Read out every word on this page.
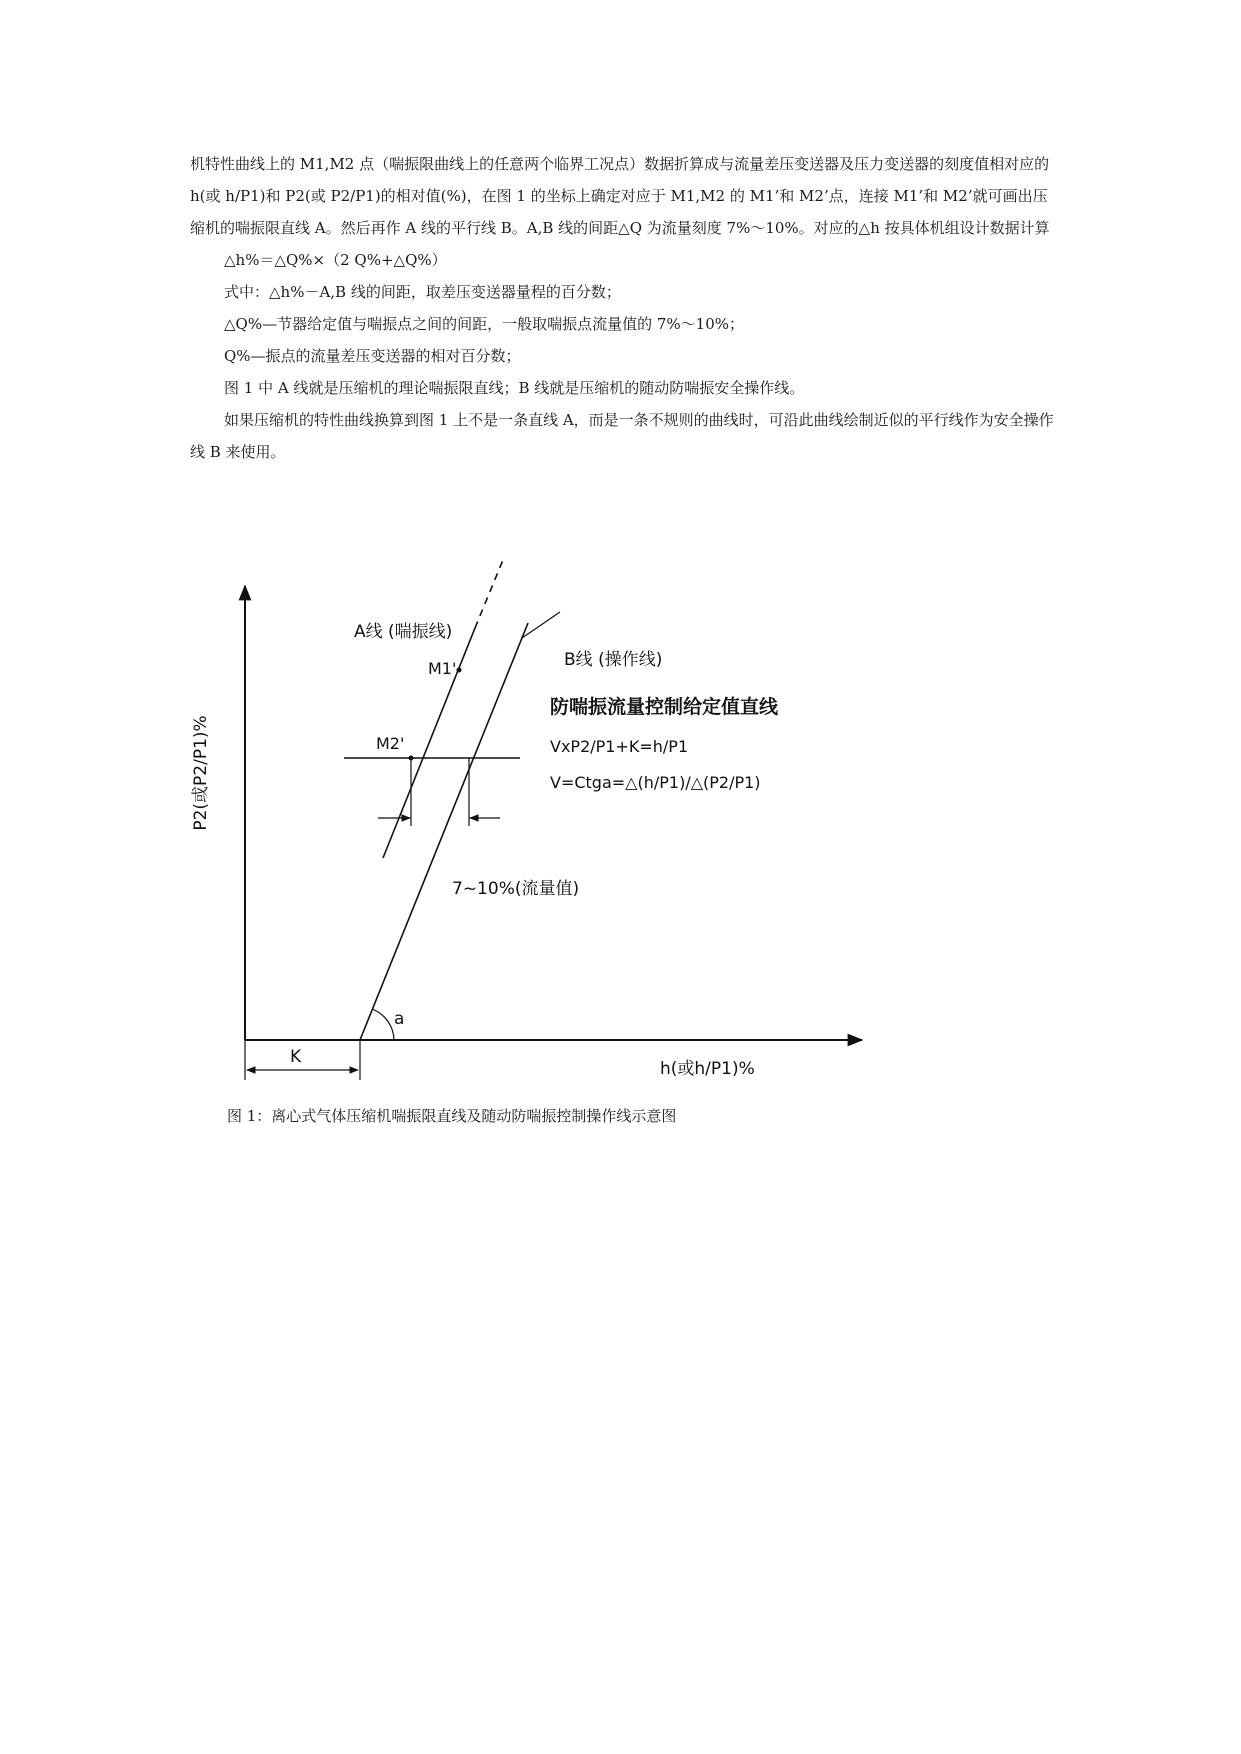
机特性曲线上的 M1,M2 点（喘振限曲线上的任意两个临界工况点）数据折算成与流量差压变送器及压力变送器的刻度值相对应的 h(或 h/P1)和 P2(或 P2/P1)的相对值(%)，在图 1 的坐标上确定对应于 M1,M2 的 M1’和 M2’点，连接 M1’和 M2’就可画出压缩机的喘振限直线 A。然后再作 A 线的平行线 B。A,B 线的间距△Q 为流量刻度 7%～10%。对应的△h 按具体机组设计数据计算

△h%＝△Q%×（2 Q%+△Q%）

式中：△h%－A,B 线的间距，取差压变送器量程的百分数；

△Q%—节器给定值与喘振点之间的间距，一般取喘振点流量值的 7%～10%；

Q%—振点的流量差压变送器的相对百分数；

图 1 中 A 线就是压缩机的理论喘振限直线；B 线就是压缩机的随动防喘振安全操作线。

如果压缩机的特性曲线换算到图 1 上不是一条直线 A，而是一条不规则的曲线时，可沿此曲线绘制近似的平行线作为安全操作线 B 来使用。

P2(或P2/P1)%
h(或h/P1)%
A线 (喘振线)
B线 (操作线)
防喘振流量控制给定值直线
VxP2/P1+K=h/P1
V=Ctga=△(h/P1)/△(P2/P1)
M1'
M2'
7~10%(流量值)
a
K
图 1：离心式气体压缩机喘振限直线及随动防喘振控制操作线示意图
